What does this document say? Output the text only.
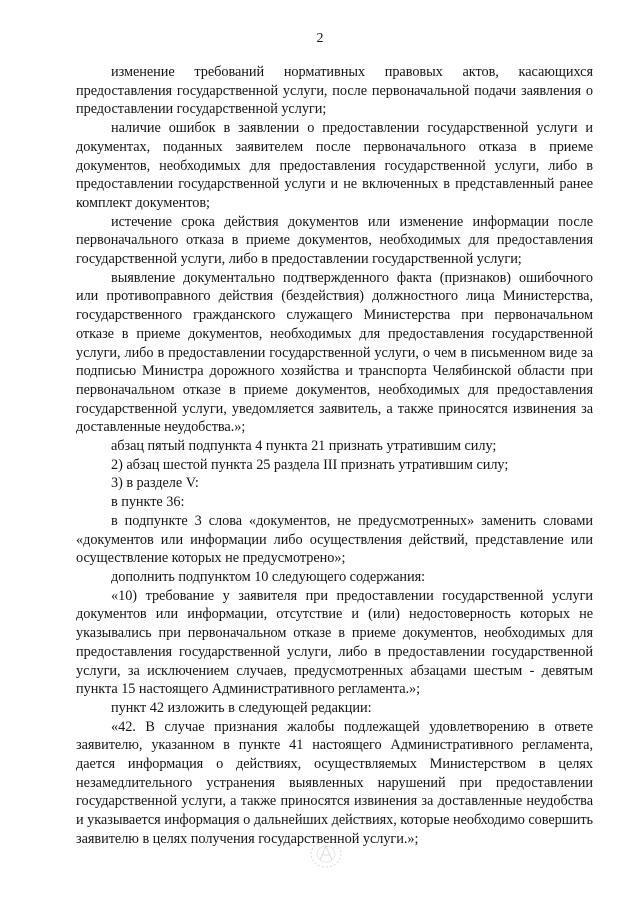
2

изменение требований нормативных правовых актов, касающихся предоставления государственной услуги, после первоначальной подачи заявления о предоставлении государственной услуги;

наличие ошибок в заявлении о предоставлении государственной услуги и документах, поданных заявителем после первоначального отказа в приеме документов, необходимых для предоставления государственной услуги, либо в предоставлении государственной услуги и не включенных в представленный ранее комплект документов;

истечение срока действия документов или изменение информации после первоначального отказа в приеме документов, необходимых для предоставления государственной услуги, либо в предоставлении государственной услуги;

выявление документально подтвержденного факта (признаков) ошибочного или противоправного действия (бездействия) должностного лица Министерства, государственного гражданского служащего Министерства при первоначальном отказе в приеме документов, необходимых для предоставления государственной услуги, либо в предоставлении государственной услуги, о чем в письменном виде за подписью Министра дорожного хозяйства и транспорта Челябинской области при первоначальном отказе в приеме документов, необходимых для предоставления государственной услуги, уведомляется заявитель, а также приносятся извинения за доставленные неудобства.»;

абзац пятый подпункта 4 пункта 21 признать утратившим силу;

2) абзац шестой пункта 25 раздела III признать утратившим силу;

3) в разделе V:

в пункте 36:

в подпункте 3 слова «документов, не предусмотренных» заменить словами «документов или информации либо осуществления действий, представление или осуществление которых не предусмотрено»;

дополнить подпунктом 10 следующего содержания:

«10) требование у заявителя при предоставлении государственной услуги документов или информации, отсутствие и (или) недостоверность которых не указывались при первоначальном отказе в приеме документов, необходимых для предоставления государственной услуги, либо в предоставлении государственной услуги, за исключением случаев, предусмотренных абзацами шестым - девятым пункта 15 настоящего Административного регламента.»;

пункт 42 изложить в следующей редакции:

«42. В случае признания жалобы подлежащей удовлетворению в ответе заявителю, указанном в пункте 41 настоящего Административного регламента, дается информация о действиях, осуществляемых Министерством в целях незамедлительного устранения выявленных нарушений при предоставлении государственной услуги, а также приносятся извинения за доставленные неудобства и указывается информация о дальнейших действиях, которые необходимо совершить заявителю в целях получения государственной услуги.»;
